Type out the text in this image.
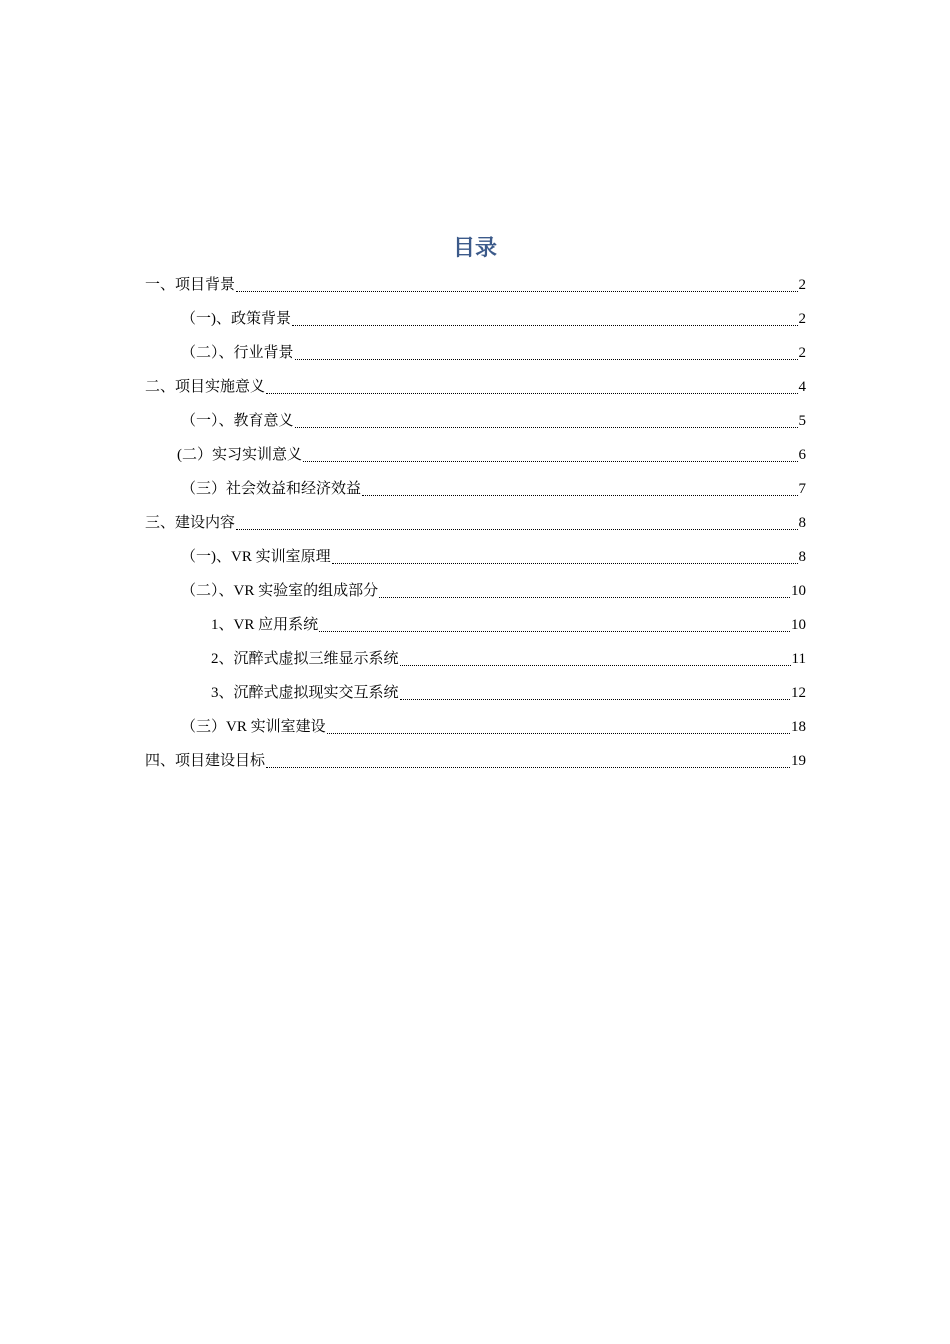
目录
一、项目背景	2
（一)、政策背景	2
（二）、行业背景	2
二、项目实施意义	4
（一）、教育意义	5
(二）实习实训意义	6
（三）社会效益和经济效益	7
三、建设内容	8
（一)、VR 实训室原理	8
（二）、VR 实验室的组成部分	10
1、VR 应用系统	10
2、沉醉式虚拟三维显示系统	11
3、沉醉式虚拟现实交互系统	12
（三）VR 实训室建设	18
四、项目建设目标	19
